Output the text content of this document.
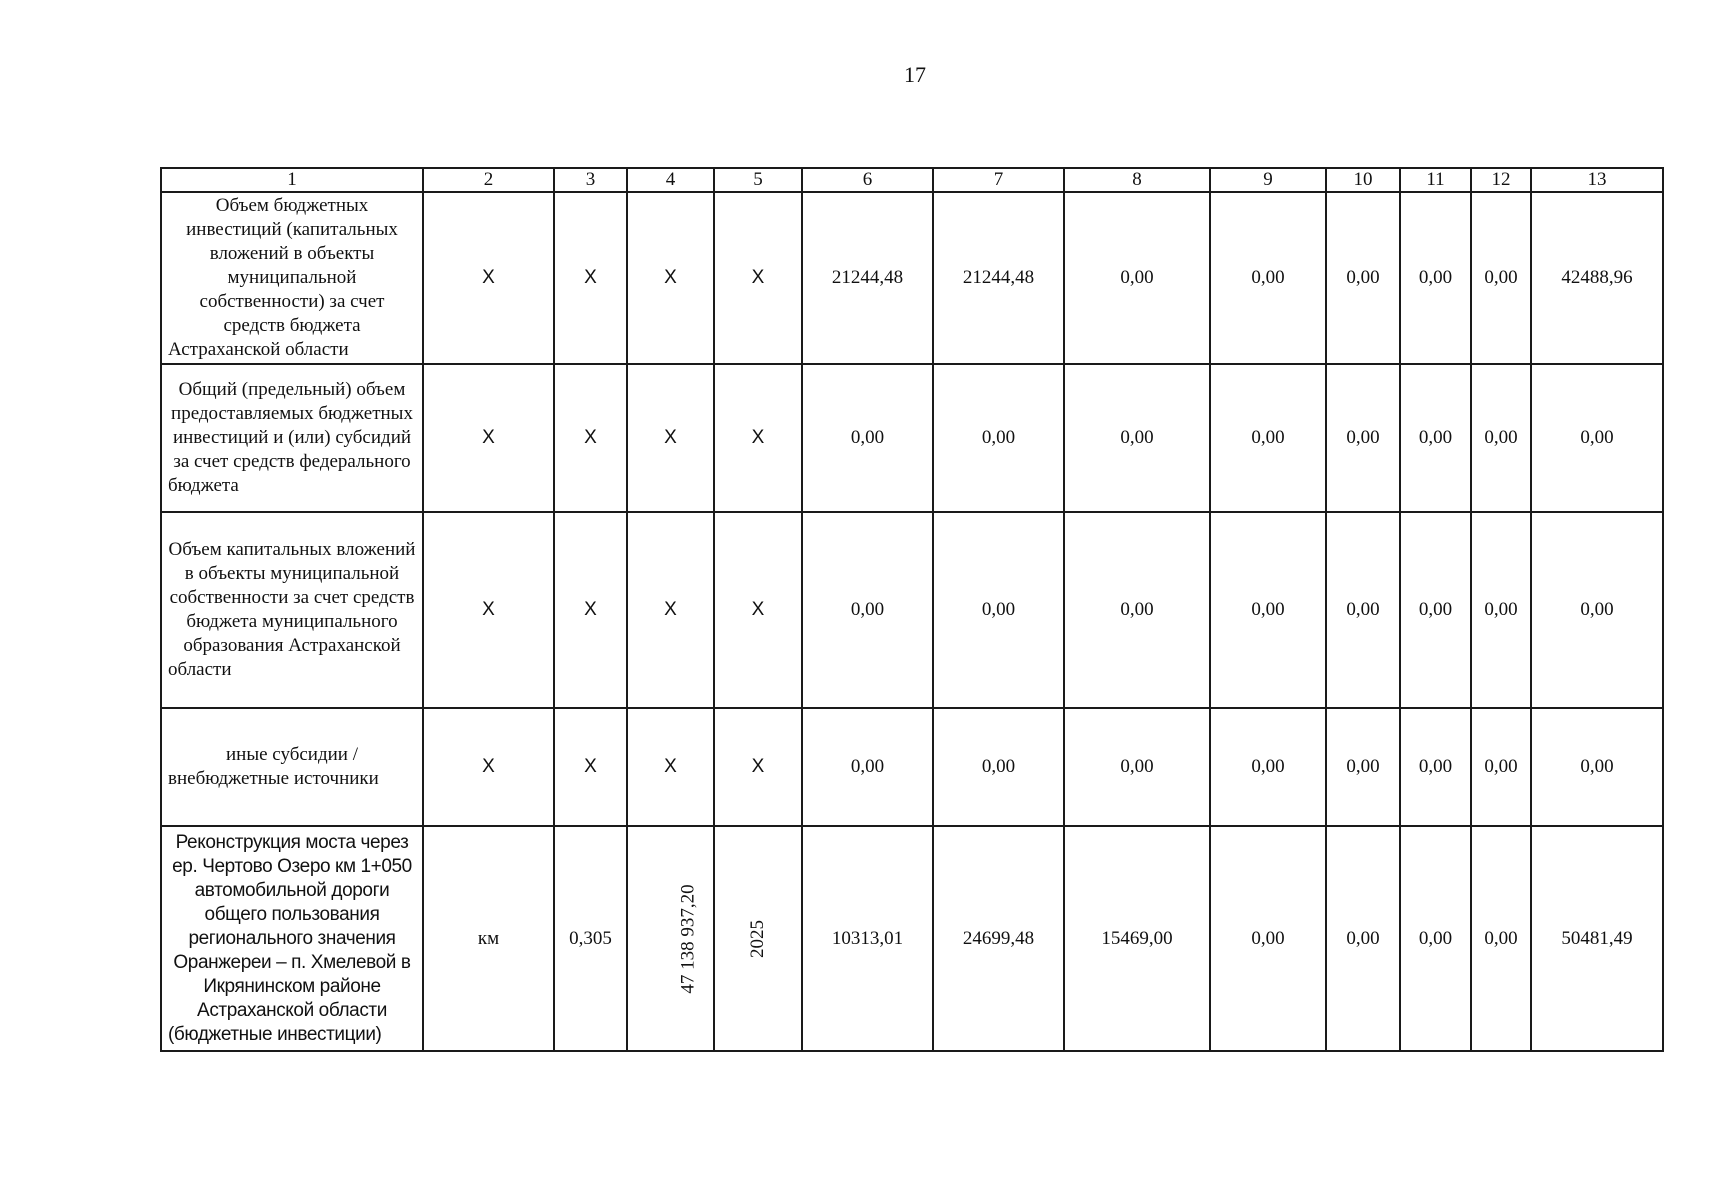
17
1	2	3	4	5	6	7	8	9	10	11	12	13
Объем бюджетных инвестиций (капитальных вложений в объекты муниципальной собственности) за счет средств бюджета Астраханской области	Х	Х	Х	Х	21244,48	21244,48	0,00	0,00	0,00	0,00	0,00	42488,96
Общий (предельный) объем предоставляемых бюджетных инвестиций и (или) субсидий за счет средств федерального бюджета	Х	Х	Х	Х	0,00	0,00	0,00	0,00	0,00	0,00	0,00	0,00
Объем капитальных вложений в объекты муниципальной собственности за счет средств бюджета муниципального образования Астраханской области	Х	Х	Х	Х	0,00	0,00	0,00	0,00	0,00	0,00	0,00	0,00
иные субсидии / внебюджетные источники	Х	Х	Х	Х	0,00	0,00	0,00	0,00	0,00	0,00	0,00	0,00
Реконструкция моста через ер. Чертово Озеро км 1+050 автомобильной дороги общего пользования регионального значения Оранжереи – п. Хмелевой в Икрянинском районе Астраханской области (бюджетные инвестиции)	км	0,305	47 138 937,20	2025	10313,01	24699,48	15469,00	0,00	0,00	0,00	0,00	50481,49
